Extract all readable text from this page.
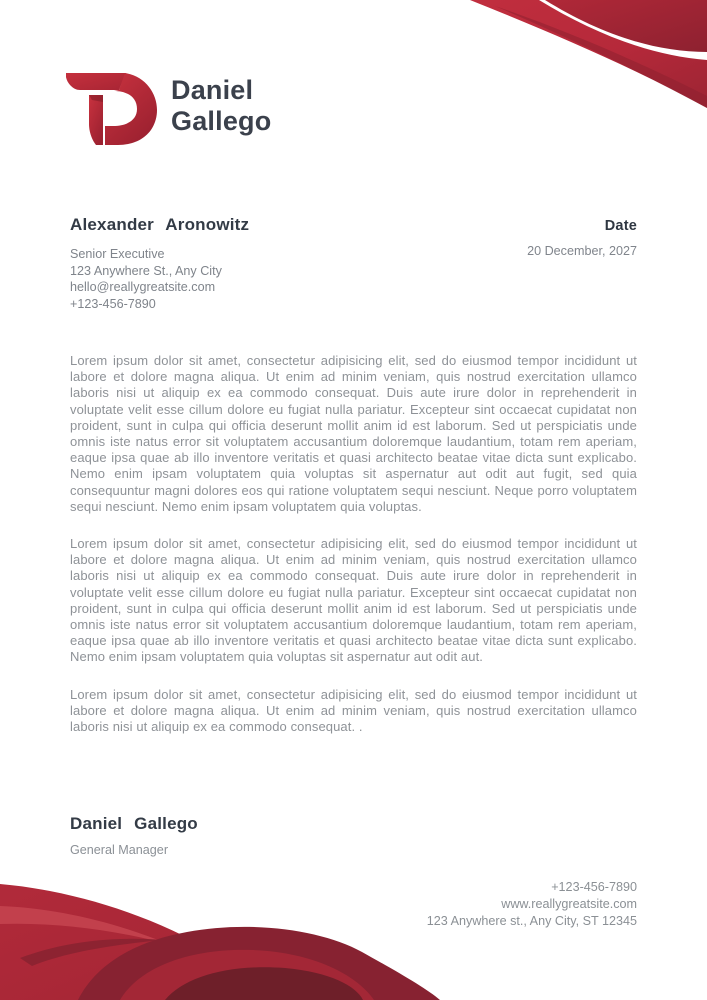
Daniel
Gallego
Alexander Aronowitz
Senior Executive
123 Anywhere St., Any City
hello@reallygreatsite.com
+123-456-7890
Date
20 December, 2027

Lorem ipsum dolor sit amet, consectetur adipisicing elit, sed do eiusmod tempor incididunt ut labore et dolore magna aliqua. Ut enim ad minim veniam, quis nostrud exercitation ullamco laboris nisi ut aliquip ex ea commodo consequat. Duis aute irure dolor in reprehenderit in voluptate velit esse cillum dolore eu fugiat nulla pariatur. Excepteur sint occaecat cupidatat non proident, sunt in culpa qui officia deserunt mollit anim id est laborum. Sed ut perspiciatis unde omnis iste natus error sit voluptatem accusantium doloremque laudantium, totam rem aperiam, eaque ipsa quae ab illo inventore veritatis et quasi architecto beatae vitae dicta sunt explicabo. Nemo enim ipsam voluptatem quia voluptas sit aspernatur aut odit aut fugit, sed quia consequuntur magni dolores eos qui ratione voluptatem sequi nesciunt. Neque porro voluptatem sequi nesciunt. Nemo enim ipsam voluptatem quia voluptas.

Lorem ipsum dolor sit amet, consectetur adipisicing elit, sed do eiusmod tempor incididunt ut labore et dolore magna aliqua. Ut enim ad minim veniam, quis nostrud exercitation ullamco laboris nisi ut aliquip ex ea commodo consequat. Duis aute irure dolor in reprehenderit in voluptate velit esse cillum dolore eu fugiat nulla pariatur. Excepteur sint occaecat cupidatat non proident, sunt in culpa qui officia deserunt mollit anim id est laborum. Sed ut perspiciatis unde omnis iste natus error sit voluptatem accusantium doloremque laudantium, totam rem aperiam, eaque ipsa quae ab illo inventore veritatis et quasi architecto beatae vitae dicta sunt explicabo. Nemo enim ipsam voluptatem quia voluptas sit aspernatur aut odit aut.

Lorem ipsum dolor sit amet, consectetur adipisicing elit, sed do eiusmod tempor incididunt ut labore et dolore magna aliqua. Ut enim ad minim veniam, quis nostrud exercitation ullamco laboris nisi ut aliquip ex ea commodo consequat. .

Daniel Gallego
General Manager
+123-456-7890
www.reallygreatsite.com
123 Anywhere st., Any City, ST 12345
